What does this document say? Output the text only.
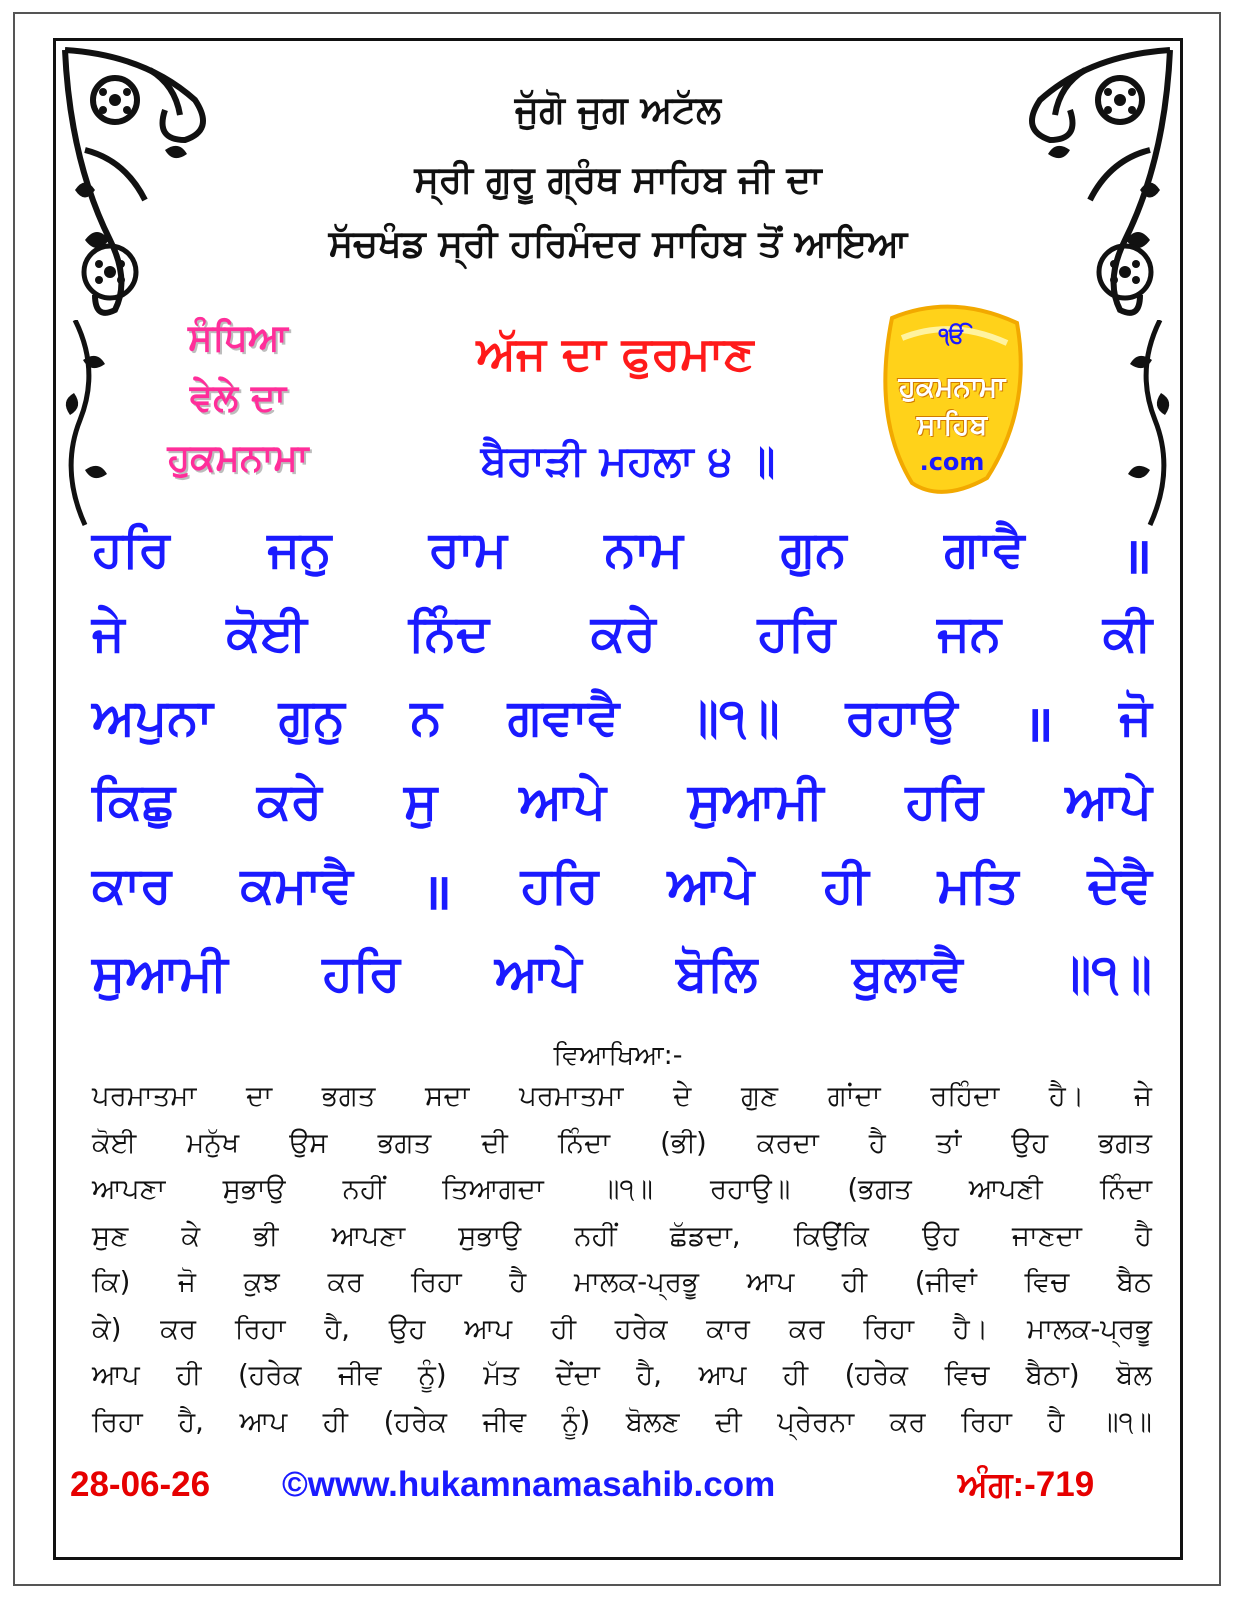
ਜੁੱਗੋ ਜੁਗ ਅਟੱਲ
ਸ੍ਰੀ ਗੁਰੂ ਗ੍ਰੰਥ ਸਾਹਿਬ ਜੀ ਦਾ
ਸੱਚਖੰਡ ਸ੍ਰੀ ਹਰਿਮੰਦਰ ਸਾਹਿਬ ਤੋਂ ਆਇਆ
ਸੰਧਿਆ
ਵੇਲੇ ਦਾ
ਹੁਕਮਨਾਮਾ
ਅੱਜ ਦਾ ਫੁਰਮਾਣ
ਬੈਰਾੜੀ ਮਹਲਾ ੪ ॥
ੴ
ਹੁਕਮਨਾਮਾ
ਸਾਹਿਬ
.com
ਹਰਿ ਜਨੁ ਰਾਮ ਨਾਮ ਗੁਨ ਗਾਵੈ ॥
ਜੇ ਕੋਈ ਨਿੰਦ ਕਰੇ ਹਰਿ ਜਨ ਕੀ
ਅਪੁਨਾ ਗੁਨੁ ਨ ਗਵਾਵੈ ॥੧॥ ਰਹਾਉ ॥ ਜੋ
ਕਿਛੁ ਕਰੇ ਸੁ ਆਪੇ ਸੁਆਮੀ ਹਰਿ ਆਪੇ
ਕਾਰ ਕਮਾਵੈ ॥ ਹਰਿ ਆਪੇ ਹੀ ਮਤਿ ਦੇਵੈ
ਸੁਆਮੀ ਹਰਿ ਆਪੇ ਬੋਲਿ ਬੁਲਾਵੈ ॥੧॥
ਵਿਆਖਿਆ:-
ਪਰਮਾਤਮਾ ਦਾ ਭਗਤ ਸਦਾ ਪਰਮਾਤਮਾ ਦੇ ਗੁਣ ਗਾਂਦਾ ਰਹਿੰਦਾ ਹੈ। ਜੇ
ਕੋਈ ਮਨੁੱਖ ਉਸ ਭਗਤ ਦੀ ਨਿੰਦਾ (ਭੀ) ਕਰਦਾ ਹੈ ਤਾਂ ਉਹ ਭਗਤ
ਆਪਣਾ ਸੁਭਾਉ ਨਹੀਂ ਤਿਆਗਦਾ ॥੧॥ ਰਹਾਉ॥ (ਭਗਤ ਆਪਣੀ ਨਿੰਦਾ
ਸੁਣ ਕੇ ਭੀ ਆਪਣਾ ਸੁਭਾਉ ਨਹੀਂ ਛੱਡਦਾ, ਕਿਉਂਕਿ ਉਹ ਜਾਣਦਾ ਹੈ
ਕਿ) ਜੋ ਕੁਝ ਕਰ ਰਿਹਾ ਹੈ ਮਾਲਕ-ਪ੍ਰਭੂ ਆਪ ਹੀ (ਜੀਵਾਂ ਵਿਚ ਬੈਠ
ਕੇ) ਕਰ ਰਿਹਾ ਹੈ, ਉਹ ਆਪ ਹੀ ਹਰੇਕ ਕਾਰ ਕਰ ਰਿਹਾ ਹੈ। ਮਾਲਕ-ਪ੍ਰਭੂ
ਆਪ ਹੀ (ਹਰੇਕ ਜੀਵ ਨੂੰ) ਮੱਤ ਦੇਂਦਾ ਹੈ, ਆਪ ਹੀ (ਹਰੇਕ ਵਿਚ ਬੈਠਾ) ਬੋਲ
ਰਿਹਾ ਹੈ, ਆਪ ਹੀ (ਹਰੇਕ ਜੀਵ ਨੂੰ) ਬੋਲਣ ਦੀ ਪ੍ਰੇਰਨਾ ਕਰ ਰਿਹਾ ਹੈ ॥੧॥
28-06-26 ©www.hukamnamasahib.com	ਅੰਗ:-719
